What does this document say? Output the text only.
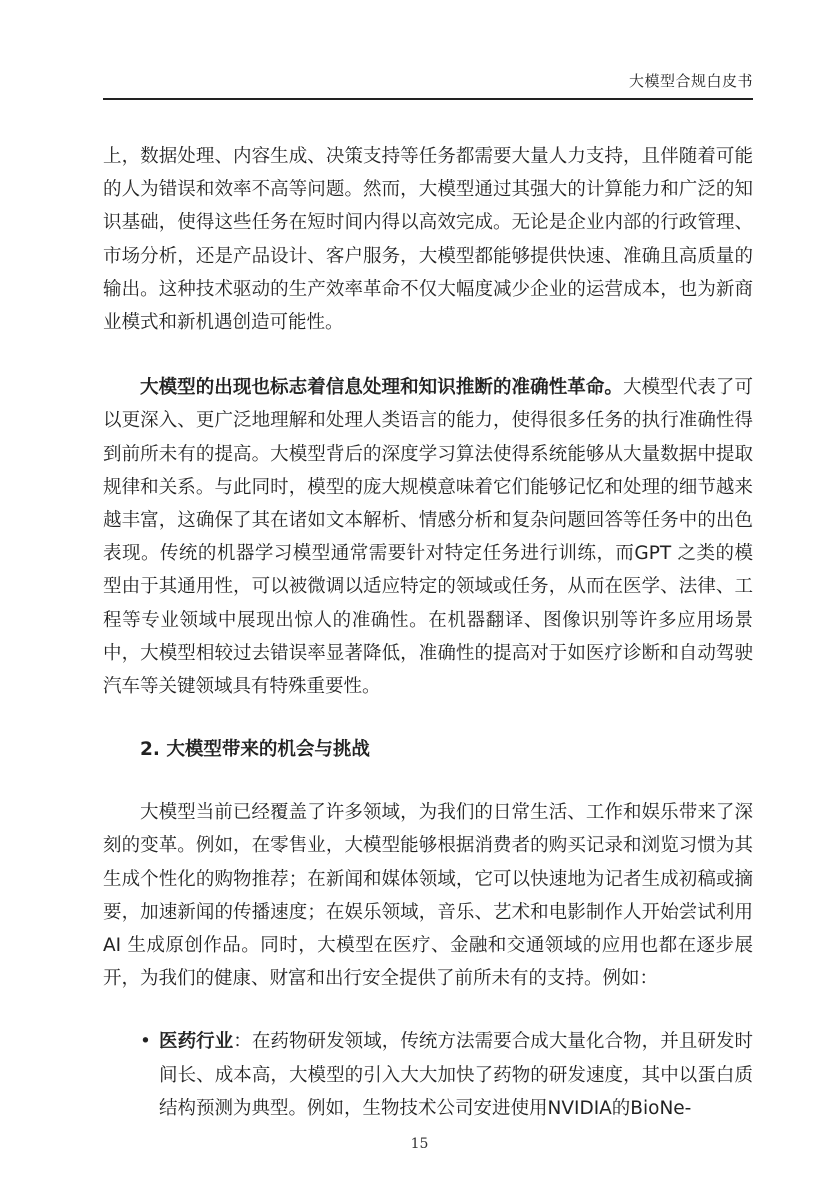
大模型合规白皮书

上，数据处理、内容生成、决策支持等任务都需要大量人力支持，且伴随着可能的人为错误和效率不高等问题。然而，大模型通过其强大的计算能力和广泛的知识基础，使得这些任务在短时间内得以高效完成。无论是企业内部的行政管理、市场分析，还是产品设计、客户服务，大模型都能够提供快速、准确且高质量的输出。这种技术驱动的生产效率革命不仅大幅度减少企业的运营成本，也为新商业模式和新机遇创造可能性。

大模型的出现也标志着信息处理和知识推断的准确性革命。大模型代表了可以更深入、更广泛地理解和处理人类语言的能力，使得很多任务的执行准确性得到前所未有的提高。大模型背后的深度学习算法使得系统能够从大量数据中提取规律和关系。与此同时，模型的庞大规模意味着它们能够记忆和处理的细节越来越丰富，这确保了其在诸如文本解析、情感分析和复杂问题回答等任务中的出色表现。传统的机器学习模型通常需要针对特定任务进行训练，而GPT 之类的模型由于其通用性，可以被微调以适应特定的领域或任务，从而在医学、法律、工程等专业领域中展现出惊人的准确性。在机器翻译、图像识别等许多应用场景中，大模型相较过去错误率显著降低，准确性的提高对于如医疗诊断和自动驾驶汽车等关键领域具有特殊重要性。

2. 大模型带来的机会与挑战

大模型当前已经覆盖了许多领域，为我们的日常生活、工作和娱乐带来了深刻的变革。例如，在零售业，大模型能够根据消费者的购买记录和浏览习惯为其生成个性化的购物推荐；在新闻和媒体领域，它可以快速地为记者生成初稿或摘要，加速新闻的传播速度；在娱乐领域，音乐、艺术和电影制作人开始尝试利用 AI 生成原创作品。同时，大模型在医疗、金融和交通领域的应用也都在逐步展开，为我们的健康、财富和出行安全提供了前所未有的支持。例如：

• 医药行业：在药物研发领域，传统方法需要合成大量化合物，并且研发时间长、成本高，大模型的引入大大加快了药物的研发速度，其中以蛋白质结构预测为典型。例如，生物技术公司安进使用NVIDIA的BioNe-

15
